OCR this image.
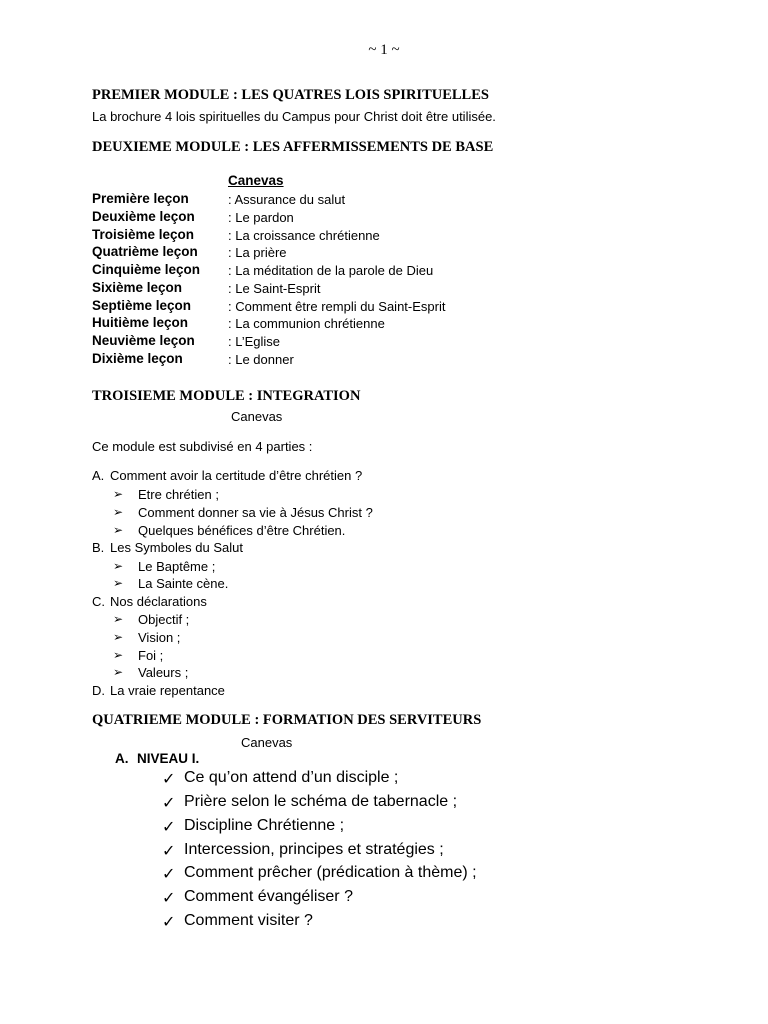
~ 1 ~
PREMIER MODULE : LES QUATRES LOIS SPIRITUELLES
La brochure 4 lois spirituelles du Campus pour Christ doit être utilisée.
DEUXIEME MODULE : LES AFFERMISSEMENTS DE BASE
Canevas
Première leçon	: Assurance du salut
Deuxième leçon	: Le pardon
Troisième leçon	: La croissance chrétienne
Quatrième leçon : La prière
Cinquième leçon : La méditation de la parole de Dieu
Sixième leçon	: Le Saint-Esprit
Septième leçon	: Comment être rempli du Saint-Esprit
Huitième leçon	: La communion chrétienne
Neuvième leçon	: L’Eglise
Dixième leçon	: Le donner
TROISIEME MODULE : INTEGRATION
Canevas
Ce module est subdivisé en 4 parties :
A. Comment avoir la certitude d’être chrétien ?
➢ Etre chrétien ;
➢ Comment donner sa vie à Jésus Christ ?
➢ Quelques bénéfices d’être Chrétien.
B. Les Symboles du Salut
➢ Le Baptême ;
➢ La Sainte cène.
C. Nos déclarations
➢ Objectif ;
➢ Vision ;
➢ Foi ;
➢ Valeurs ;
D. La vraie repentance
QUATRIEME MODULE : FORMATION DES SERVITEURS
Canevas
A. NIVEAU I.
✓ Ce qu’on attend d’un disciple ;
✓ Prière selon le schéma de tabernacle ;
✓ Discipline Chrétienne ;
✓ Intercession, principes et stratégies ;
✓ Comment prêcher (prédication à thème) ;
✓ Comment évangéliser ?
✓ Comment visiter ?
